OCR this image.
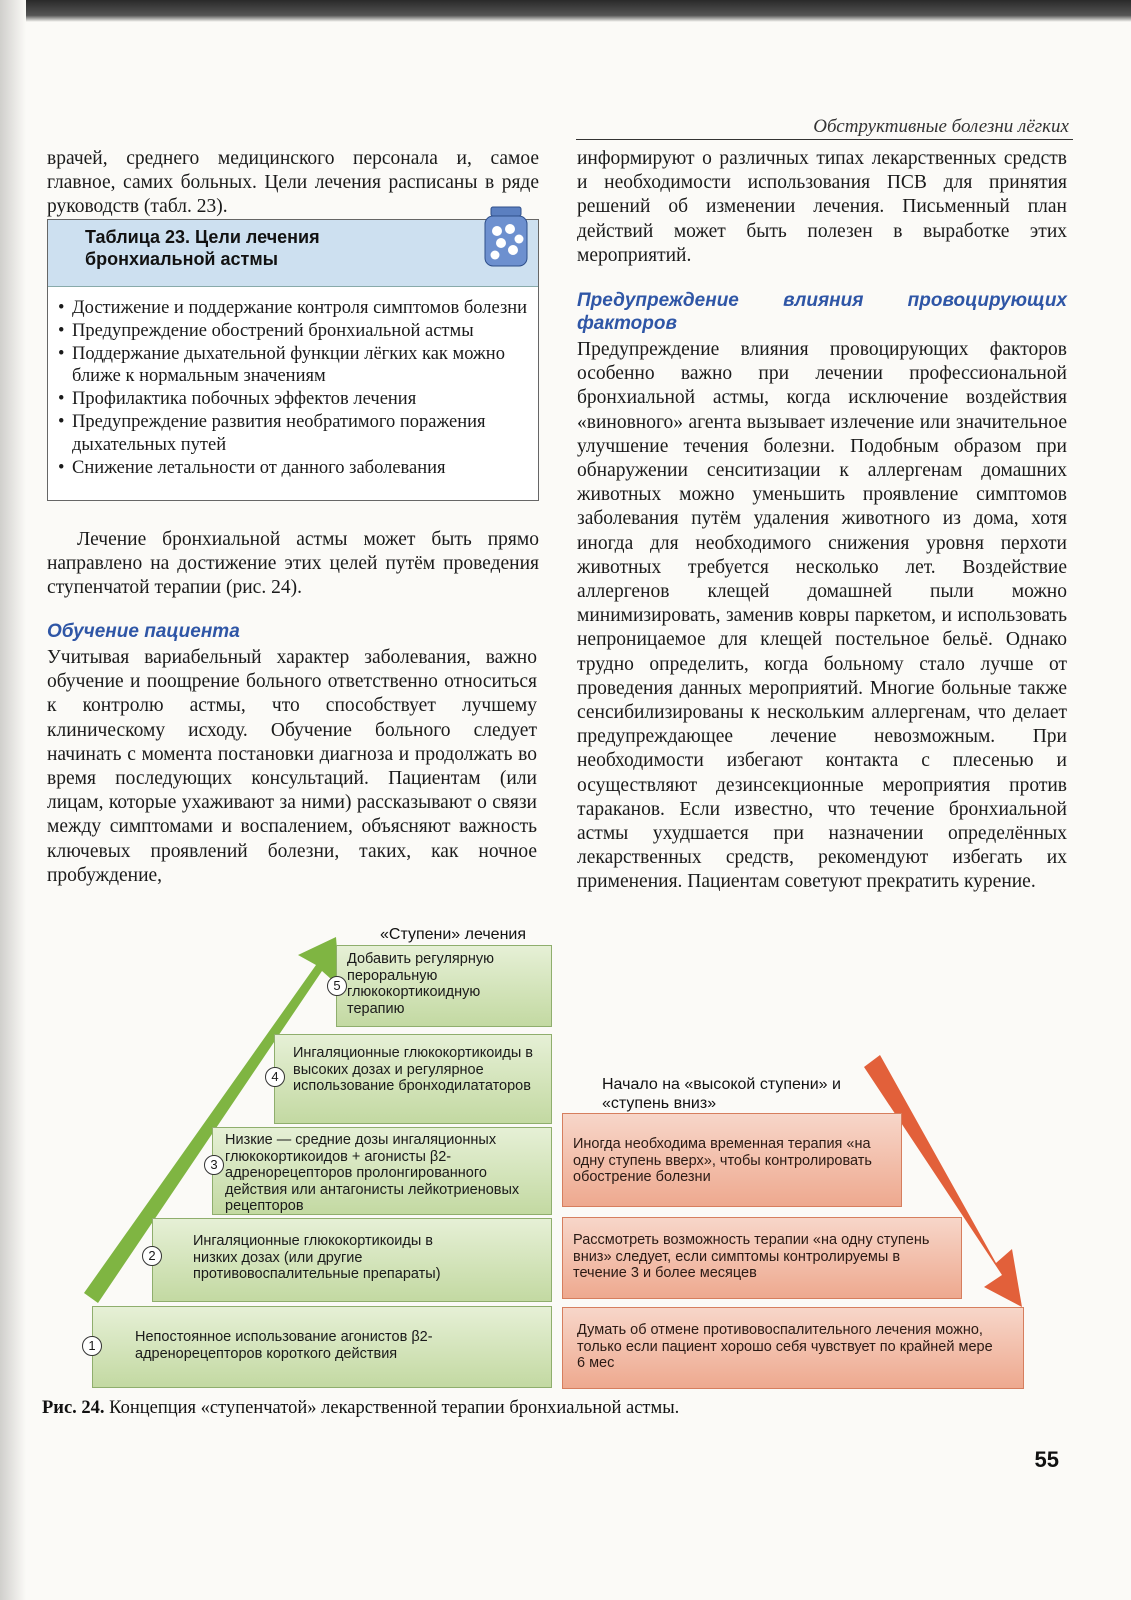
Обструктивные болезни лёгких

врачей, среднего медицинского персонала и, самое главное, самих больных. Цели лечения расписаны в ряде руководств (табл. 23).

Таблица 23. Цели лечения бронхиальной астмы
• Достижение и поддержание контроля симптомов болезни
• Предупреждение обострений бронхиальной астмы
• Поддержание дыхательной функции лёгких как можно ближе к нормальным значениям
• Профилактика побочных эффектов лечения
• Предупреждение развития необратимого поражения дыхательных путей
• Снижение летальности от данного заболевания

Лечение бронхиальной астмы может быть прямо направлено на достижение этих целей путём проведения ступенчатой терапии (рис. 24).

Обучение пациента

Учитывая вариабельный характер заболевания, важно обучение и поощрение больного ответственно относиться к контролю астмы, что способствует лучшему клиническому исходу. Обучение больного следует начинать с момента постановки диагноза и продолжать во время последующих консультаций. Пациентам (или лицам, которые ухаживают за ними) рассказывают о связи между симптомами и воспалением, объясняют важность ключевых проявлений болезни, таких, как ночное пробуждение,

информируют о различных типах лекарственных средств и необходимости использования ПСВ для принятия решений об изменении лечения. Письменный план действий может быть полезен в выработке этих мероприятий.

Предупреждение влияния провоцирующих факторов

Предупреждение влияния провоцирующих факторов особенно важно при лечении профессиональной бронхиальной астмы, когда исключение воздействия «виновного» агента вызывает излечение или значительное улучшение течения болезни. Подобным образом при обнаружении сенситизации к аллергенам домашних животных можно уменьшить проявление симптомов заболевания путём удаления животного из дома, хотя иногда для необходимого снижения уровня перхоти животных требуется несколько лет. Воздействие аллергенов клещей домашней пыли можно минимизировать, заменив ковры паркетом, и использовать непроницаемое для клещей постельное бельё. Однако трудно определить, когда больному стало лучше от проведения данных мероприятий. Многие больные также сенсибилизированы к нескольким аллергенам, что делает предупреждающее лечение невозможным. При необходимости избегают контакта с плесенью и осуществляют дезинсекционные мероприятия против тараканов. Если известно, что течение бронхиальной астмы ухудшается при назначении определённых лекарственных средств, рекомендуют избегать их применения. Пациентам советуют прекратить курение.

«Ступени» лечения
Начало на «высокой ступени» и «ступень вниз»
Непостоянное использование агонистов β2-адренорецепторов короткого действия
1
Ингаляционные глюкокортикоиды в низких дозах (или другие противовоспалительные препараты)
2
Низкие — средние дозы ингаляционных глюкокортикоидов + агонисты β2-адренорецепторов пролонгированного действия или антагонисты лейкотриеновых рецепторов
3
Ингаляционные глюкокортикоиды в высоких дозах и регулярное использование бронходилататоров
4
Добавить регулярную пероральную глюкокортикоидную терапию
5
Иногда необходима временная терапия «на одну ступень вверх», чтобы контролировать обострение болезни
Рассмотреть возможность терапии «на одну ступень вниз» следует, если симптомы контролируемы в течение 3 и более месяцев
Думать об отмене противовоспалительного лечения можно, только если пациент хорошо себя чувствует по крайней мере 6 мес
Рис. 24. Концепция «ступенчатой» лекарственной терапии бронхиальной астмы.
55
